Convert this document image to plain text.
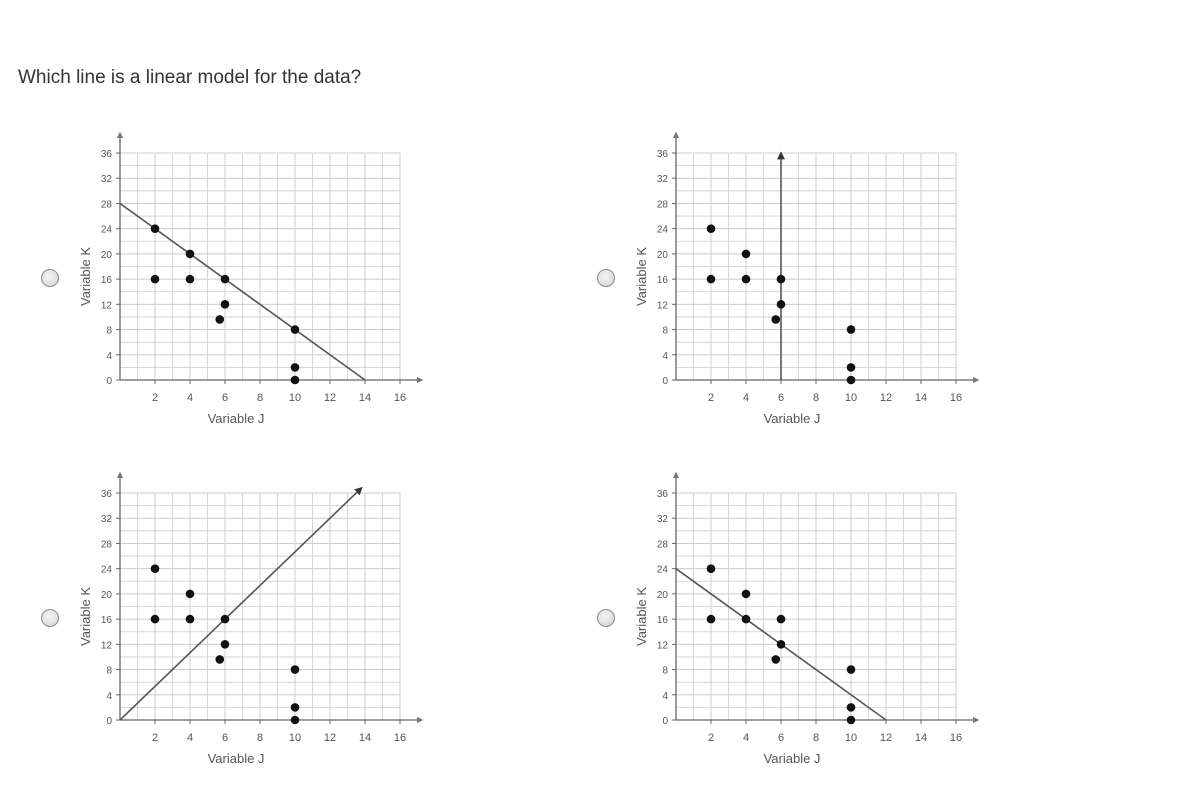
Which line is a linear model for the data?
2	4	6	8 10 12 14 16
0
4
8
12
16
20
24
28
32
36
Variable J
Variable K
2	4	6	8 10 12 14 16
0
4
8
12
16
20
24
28
32
36
Variable J
Variable K
2	4	6	8 10 12 14 16
0
4
8
12
16
20
24
28
32
36
Variable J
Variable K
2	4	6	8 10 12 14 16
0
4
8
12
16
20
24
28
32
36
Variable J
Variable K
